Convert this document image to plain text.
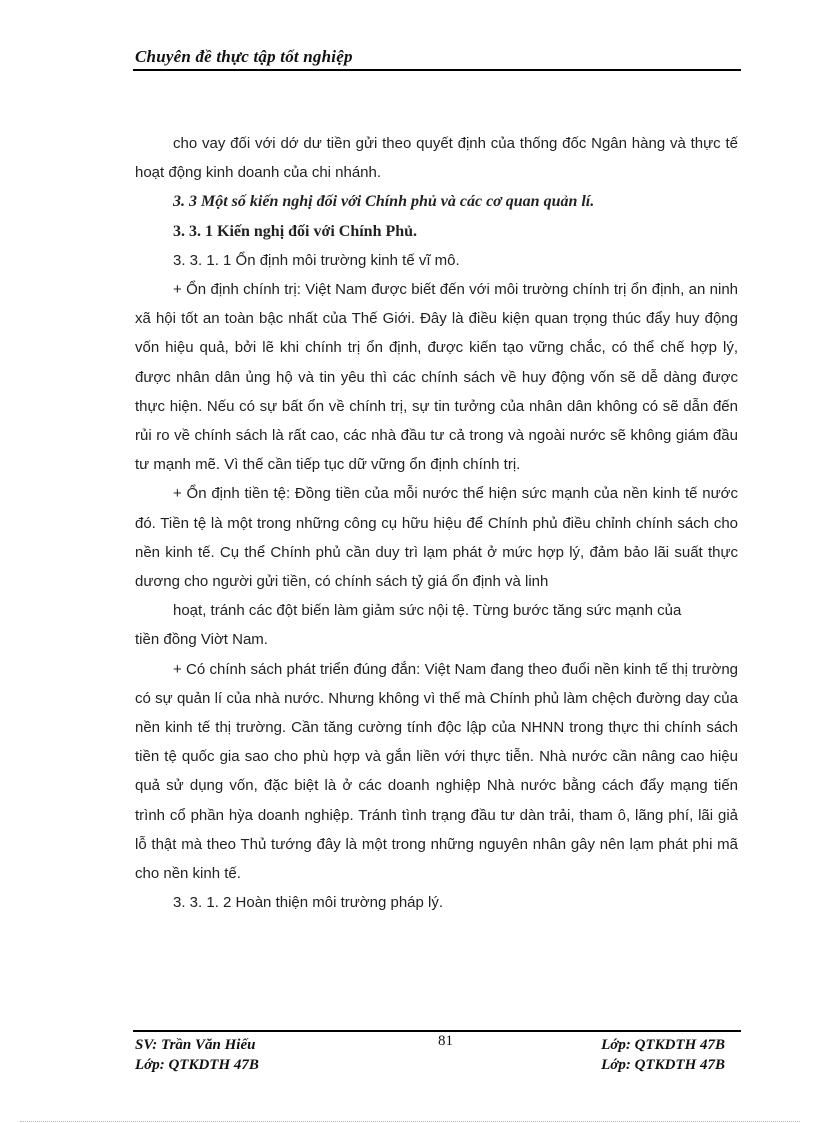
Chuyên đề thực tập tốt nghiệp

cho vay đối với dớ dư tiền gửi theo quyết định của thống đốc Ngân hàng và thực tế hoạt động kinh doanh của chi nhánh.

3. 3 Một số kiến nghị đối với Chính phủ và các cơ quan quản lí.

3. 3. 1 Kiến nghị đối với Chính Phủ.

3. 3. 1. 1 Ổn định môi trường kinh tế vĩ mô.

+ Ổn định chính trị: Việt Nam được biết đến với môi trường chính trị ổn định, an ninh xã hội tốt an toàn bậc nhất của Thế Giới. Đây là điều kiện quan trọng thúc đẩy huy động vốn hiệu quả, bởi lẽ khi chính trị ổn định, được kiến tạo vững chắc, có thể chế hợp lý, được nhân dân ủng hộ và tin yêu thì các chính sách về huy động vốn sẽ dễ dàng được thực hiện. Nếu có sự bất ổn về chính trị, sự tin tưởng của nhân dân không có sẽ dẫn đến rủi ro về chính sách là rất cao, các nhà đầu tư cả trong và ngoài nước sẽ không giám đầu tư mạnh mẽ. Vì thế cần tiếp tục dữ vững ổn định chính trị.

+ Ổn định tiền tệ: Đồng tiền của mỗi nước thể hiện sức mạnh của nền kinh tế nước đó. Tiền tệ là một trong những công cụ hữu hiệu để Chính phủ điều chỉnh chính sách cho nền kinh tế. Cụ thể Chính phủ cần duy trì lạm phát ở mức hợp lý, đảm bảo lãi suất thực dương cho người gửi tiền, có chính sách tỷ giá ổn định và linh

hoạt, tránh các đột biến làm giảm sức nội tệ. Từng bước tăng sức mạnh của

tiền đồng Viờt Nam.

+ Có chính sách phát triển đúng đắn: Việt Nam đang theo đuổi nền kinh tế thị trường có sự quản lí của nhà nước. Nhưng không vì thế mà Chính phủ làm chệch đường day của nền kinh tế thị trường. Cần tăng cường tính độc lập của NHNN trong thực thi chính sách tiền tệ quốc gia sao cho phù hợp và gắn liền với thực tiễn. Nhà nước cần nâng cao hiệu quả sử dụng vốn, đặc biệt là ở các doanh nghiệp Nhà nước bằng cách đẩy mạng tiến trình cổ phần hỳa doanh nghiệp. Tránh tình trạng đầu tư dàn trải, tham ô, lãng phí, lãi giả lỗ thật mà theo Thủ tướng đây là một trong những nguyên nhân gây nên lạm phát phi mã cho nền kinh tế.

3. 3. 1. 2 Hoàn thiện môi trường pháp lý.

81
SV: Trần Văn Hiếu	Lớp: QTKDTH 47B
Lớp: QTKDTH 47B	Lớp: QTKDTH 47B
